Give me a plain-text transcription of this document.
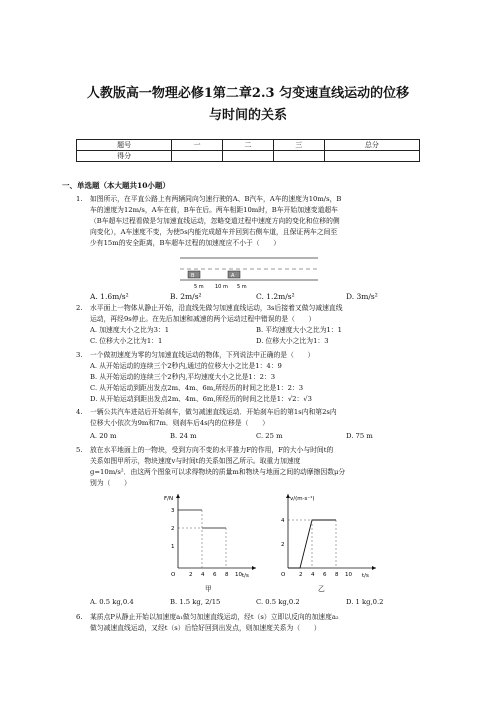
人教版高一物理必修1第二章2.3 匀变速直线运动的位移
与时间的关系
题号	一	二	三	总分
得分				
一、单选题（本大题共10小题）
1. 如图所示，在平直公路上有两辆同向匀速行驶的A、B汽车，A车的速度为10m/s，B
车的速度为12m/s，A车在前，B车在后。两车相距10m时，B车开始加速变道超车
（B车超车过程看做是匀加速直线运动，忽略变道过程中速度方向的变化和位移的侧
向变化），A车速度不变，为使5s内能完成超车并回到右侧车道，且保证两车之间至
少有15m的安全距离，B车超车过程的加速度应不小于（　　）
B	A
5 m 10 m 5 m
A. 1.6m/s²	B. 2m/s²	C. 1.2m/s²	D. 3m/s²
2. 水平面上一物体从静止开始，沿直线先做匀加速直线运动，3s后接着又做匀减速直线
运动，再经9s停止。在先后加速和减速的两个运动过程中错误的是（　　）
A. 加速度大小之比为3：1	B. 平均速度大小之比为1：1
C. 位移大小之比为1：1	D. 位移大小之比为1：3
3. 一个做初速度为零的匀加速直线运动的物体，下列说法中正确的是（　　）
A. 从开始运动的连续三个2秒内,通过的位移大小之比是1：4：9
B. 从开始运动的连续三个2秒内,平均速度大小之比是1：2：3
C. 从开始运动到距出发点2m、4m、6m,所经历的时间之比是1：2：3
D. 从开始运动到距出发点2m、4m、6m,所经历的时间之比是1：√2：√3
4. 一辆公共汽车进站后开始刹车，做匀减速直线运动．开始刹车后的第1s内和第2s内
位移大小依次为9m和7m．则刹车后4s内的位移是（　　）
A. 20 m	B. 24 m	C. 25 m	D. 75 m
5. 放在水平地面上的一物块，受到方向不变的水平推力F的作用，F的大小与时间t的
关系如图甲所示，物块速度v与时间t的关系如图乙所示。取重力加速度
g=10m/s²．由这两个图象可以求得物块的质量m和物块与地面之间的动摩擦因数μ分
别为（　　）
F/N
t/s
3
2
1
O 2 4 6 8 10
甲
v/(m·s⁻¹)
t/s
4
2
O 2 4 6 8 10
乙
A. 0.5 kg,0.4	B. 1.5 kg, 2/15	C. 0.5 kg,0.2	D. 1 kg,0.2
6. 某质点P从静止开始以加速度a₁做匀加速直线运动，经t（s）立即以反向的加速度a₂
做匀减速直线运动，又经t（s）后恰好回到出发点，则加速度关系为（　　）
